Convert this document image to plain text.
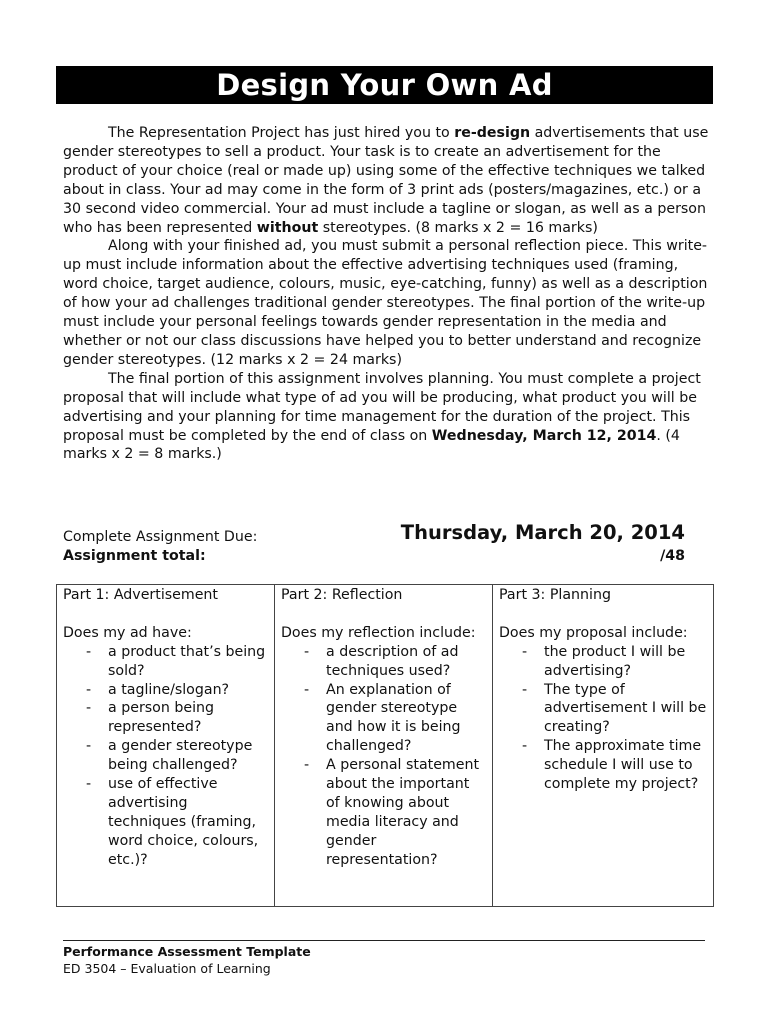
Design Your Own Ad

The Representation Project has just hired you to re-design advertisements that use gender stereotypes to sell a product. Your task is to create an advertisement for the product of your choice (real or made up) using some of the effective techniques we talked about in class. Your ad may come in the form of 3 print ads (posters/magazines, etc.) or a 30 second video commercial. Your ad must include a tagline or slogan, as well as a person who has been represented without stereotypes. (8 marks x 2 = 16 marks)

Along with your finished ad, you must submit a personal reflection piece. This write-up must include information about the effective advertising techniques used (framing, word choice, target audience, colours, music, eye-catching, funny) as well as a description of how your ad challenges traditional gender stereotypes. The final portion of the write-up must include your personal feelings towards gender representation in the media and whether or not our class discussions have helped you to better understand and recognize gender stereotypes. (12 marks x 2 = 24 marks)

The final portion of this assignment involves planning. You must complete a project proposal that will include what type of ad you will be producing, what product you will be advertising and your planning for time management for the duration of the project. This proposal must be completed by the end of class on Wednesday, March 12, 2014. (4 marks x 2 = 8 marks.)

Complete Assignment Due:	Thursday, March 20, 2014
Assignment total:	/48
Part 1: Advertisement
Does my ad have:
- a product that’s being sold?
- a tagline/slogan?
- a person being represented?
- a gender stereotype being challenged?
- use of effective advertising techniques (framing, word choice, colours, etc.)?

Part 2: Reflection
Does my reflection include:
- a description of ad techniques used?
- An explanation of gender stereotype and how it is being challenged?
- A personal statement about the important of knowing about media literacy and gender representation?

Part 3: Planning
Does my proposal include:
- the product I will be advertising?
- The type of advertisement I will be creating?
- The approximate time schedule I will use to complete my project?
Performance Assessment Template
ED 3504 – Evaluation of Learning
